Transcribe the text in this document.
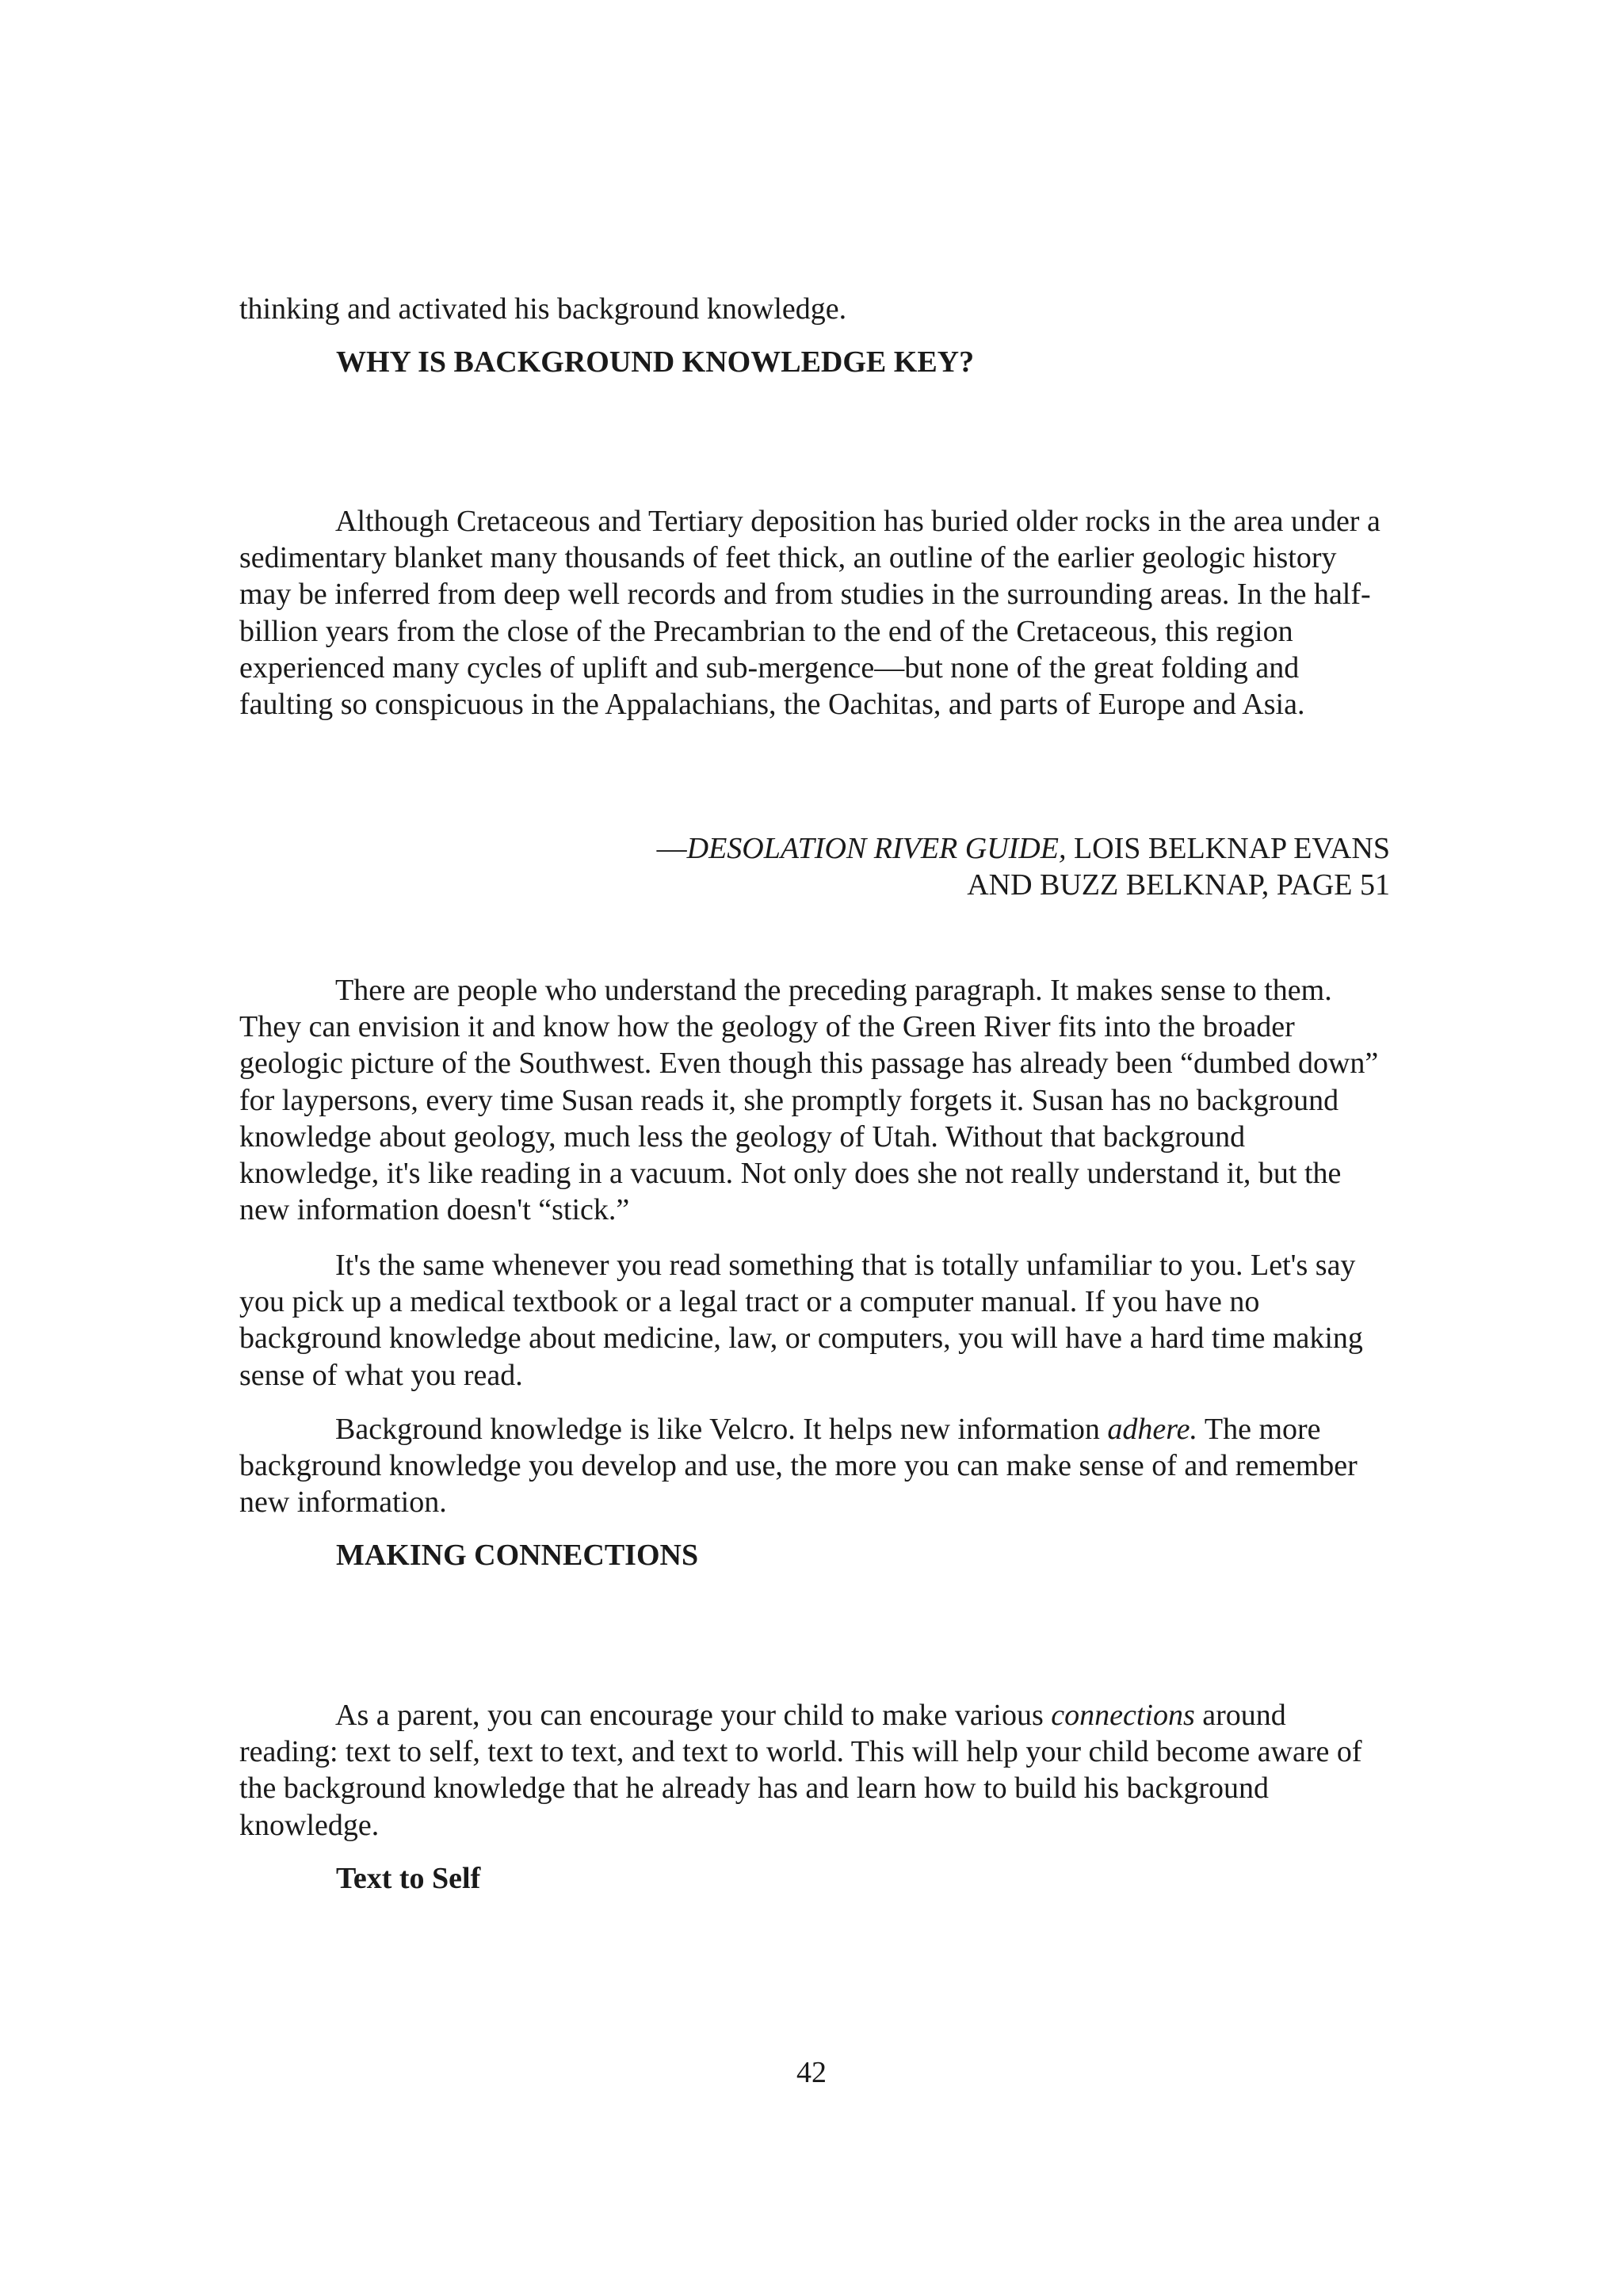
thinking and activated his background knowledge.
WHY IS BACKGROUND KNOWLEDGE KEY?

Although Cretaceous and Tertiary deposition has buried older rocks in the area under a sedimentary blanket many thousands of feet thick, an outline of the earlier geologic history may be inferred from deep well records and from studies in the surrounding areas. In the half-billion years from the close of the Precambrian to the end of the Cretaceous, this region experienced many cycles of uplift and sub-mergence—but none of the great folding and faulting so conspicuous in the Appalachians, the Oachitas, and parts of Europe and Asia.

—DESOLATION RIVER GUIDE, LOIS BELKNAP EVANS
AND BUZZ BELKNAP, PAGE 51

There are people who understand the preceding paragraph. It makes sense to them. They can envision it and know how the geology of the Green River fits into the broader geologic picture of the Southwest. Even though this passage has already been “dumbed down” for laypersons, every time Susan reads it, she promptly forgets it. Susan has no background knowledge about geology, much less the geology of Utah. Without that background knowledge, it's like reading in a vacuum. Not only does she not really understand it, but the new information doesn't “stick.”

It's the same whenever you read something that is totally unfamiliar to you. Let's say you pick up a medical textbook or a legal tract or a computer manual. If you have no background knowledge about medicine, law, or computers, you will have a hard time making sense of what you read.

Background knowledge is like Velcro. It helps new information adhere. The more background knowledge you develop and use, the more you can make sense of and remember new information.

MAKING CONNECTIONS

As a parent, you can encourage your child to make various connections around reading: text to self, text to text, and text to world. This will help your child become aware of the background knowledge that he already has and learn how to build his background knowledge.

Text to Self
42
